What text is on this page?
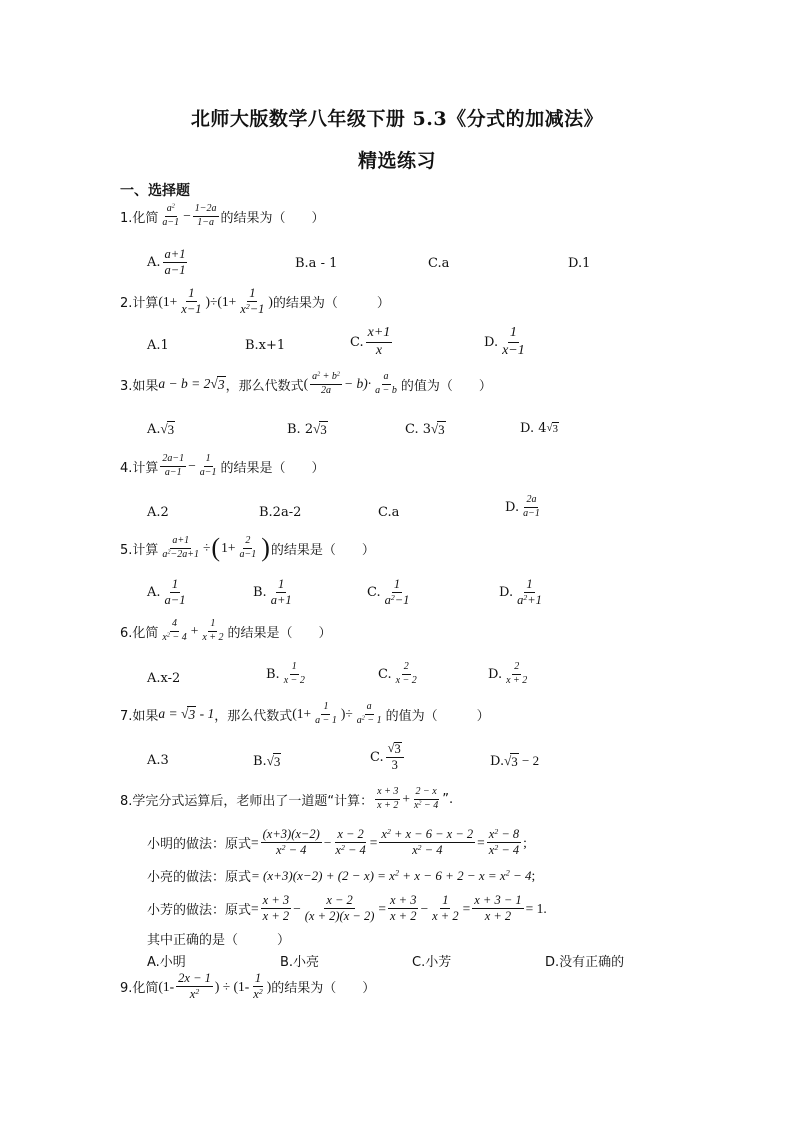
北师大版数学八年级下册 5.3《分式的加减法》
精选练习
一、选择题
1.化简 $\frac{a^2}{a-1} - \frac{1-2a}{1-a}$ 的结果为（　　）
A. $\frac{a+1}{a-1}$	B.a - 1	C.a	D.1
2.计算 $(1+ \frac{1}{x-1} )\div(1+ \frac{1}{x^2-1}$ ) 的结果为（　　　）
A.1	B.x+1	C. $\frac{x+1}{x}$	D. $\frac{1}{x-1}$
3.如果 a − b = 2 √ 3 ，那么代数式 ( $\frac{a^2 + b^2}{2a} - b)\cdot \frac{a}{a - b}$ 的值为（　　）
A. √ 3	B. 2 √ 3	C. 3 √ 3	D. 4 √ 3
4.计算 $\frac{2a-1}{a-1} - \frac{1}{a-1}$ 的结果是（　　）
A.2	B.2a-2	C.a	D. $\frac{2a}{a-1}$
5.计算 $\frac{a+1}{a^2-2a+1}$ ÷ ( $1+ \frac{2}{a-1}$ ) 的结果是（　　）
A. $\frac{1}{a-1}$	B. $\frac{1}{a+1}$	C. $\frac{1}{a^2-1}$	D. $\frac{1}{a^2+1}$
6.化简 $\frac{4}{x^2 - 4} + \frac{1}{x + 2}$ 的结果是（　　）
A.x-2	B. $\frac{1}{x - 2}$	C. $\frac{2}{x - 2}$	D. $\frac{2}{x + 2}$
7.如果 a = √ 3 - 1 ，那么代数式 ($1+ \frac{1}{a - 1}$ )÷ $\frac{a}{a^2 - 1}$ 的值为（　　　）
A.3	B. √ 3	C. $\frac{√ 3}{3}$	D. √ 3 − 2
8.学完分式运算后，老师出了一道题“计算： $\frac{x + 3}{x + 2} + \frac{2 - x}{x^2 - 4}$ ”.
小明的做法：原式 = $\frac{(x+3)(x-2)}{x^2 - 4} - \frac{x - 2}{x^2 - 4} = \frac{x^2 + x - 6 - x - 2}{x^2 - 4} = \frac{x^2 - 8}{x^2 - 4}$ ;
小亮的做法：原式 = $(x+3)(x-2) + (2 - x) = x^2 + x - 6 + 2 - x = x^2 - 4$ ;
小芳的做法：原式 = $\frac{x + 3}{x + 2} - \frac{x - 2}{(x + 2)(x - 2)} = \frac{x + 3}{x + 2} - \frac{1}{x + 2} = \frac{x + 3 - 1}{x + 2} = 1$.
其中正确的是（　　　）
A.小明	B.小亮	C.小芳	D.没有正确的
9.化简 ($1- \frac{2x - 1}{x^2}$ ) ÷ ($1- \frac{1}{x^2}$ ) 的结果为（　　）
